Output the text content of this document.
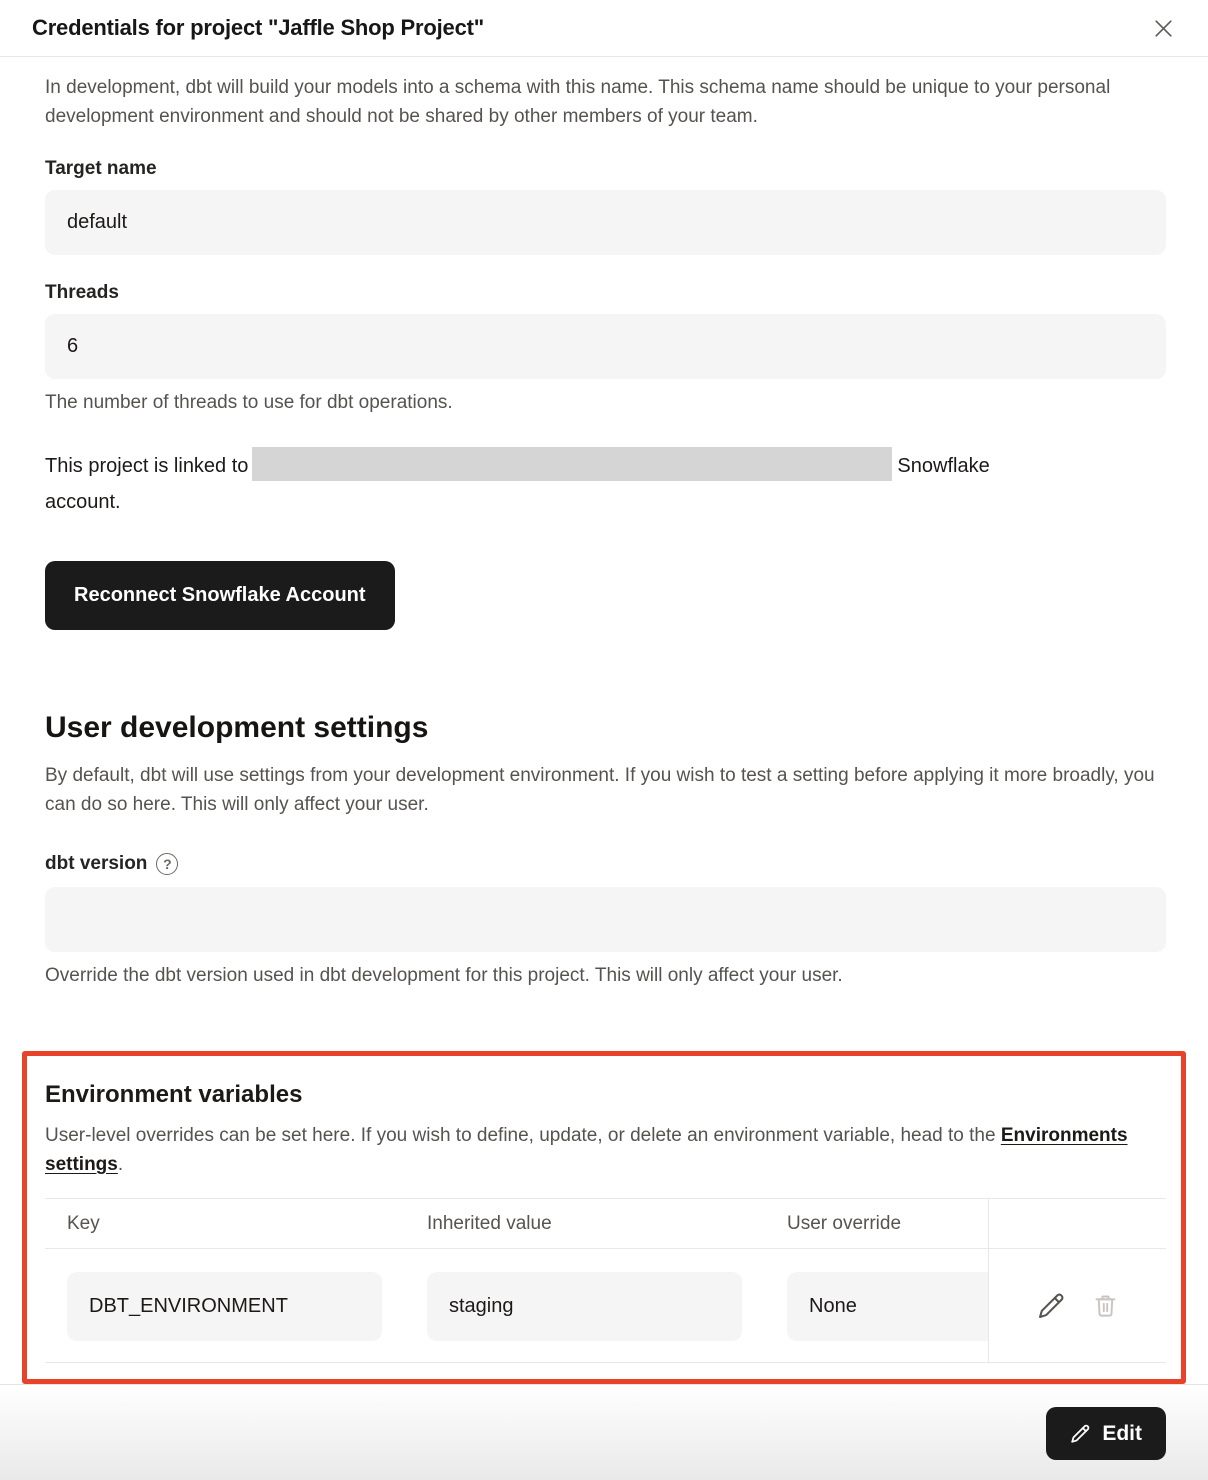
Credentials for project "Jaffle Shop Project"

In development, dbt will build your models into a schema with this name. This schema name should be unique to your personal development environment and should not be shared by other members of your team.

Target name
default
Threads
6
The number of threads to use for dbt operations.

This project is linked to	Snowflake
account.

Reconnect Snowflake Account
User development settings

By default, dbt will use settings from your development environment. If you wish to test a setting before applying it more broadly, you can do so here. This will only affect your user.

dbt version	?
Override the dbt version used in dbt development for this project. This will only affect your user.
Environment variables

User-level overrides can be set here. If you wish to define, update, or delete an environment variable, head to the Environments settings.

Key	Inherited value	User override
DBT_ENVIRONMENT	staging	None
Edit
